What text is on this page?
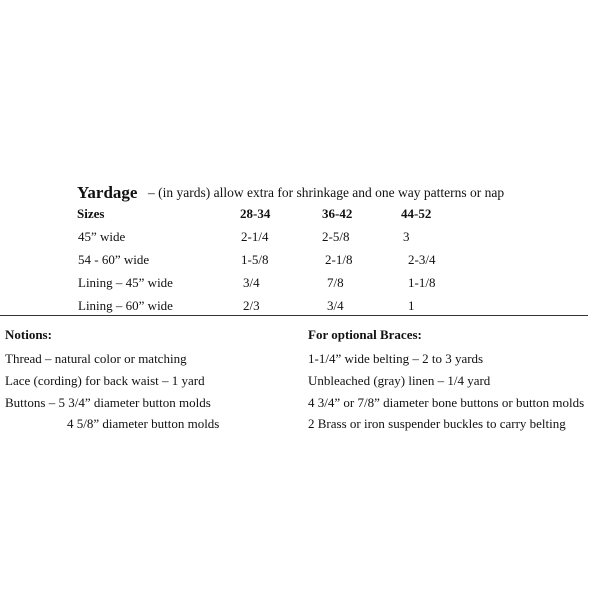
Yardage – (in yards) allow extra for shrinkage and one way patterns or nap
Sizes	28-34	36-42	44-52
45” wide	2-1/4	2-5/8	3
54 - 60” wide	1-5/8	2-1/8	2-3/4
Lining – 45” wide	3/4	7/8	1-1/8
Lining – 60” wide	2/3	3/4	1
Notions:
Thread – natural color or matching
Lace (cording) for back waist – 1 yard
Buttons – 5 3/4” diameter button molds
4 5/8” diameter button molds
For optional Braces:
1-1/4” wide belting – 2 to 3 yards
Unbleached (gray) linen – 1/4 yard
4 3/4” or 7/8” diameter bone buttons or button molds
2 Brass or iron suspender buckles to carry belting
